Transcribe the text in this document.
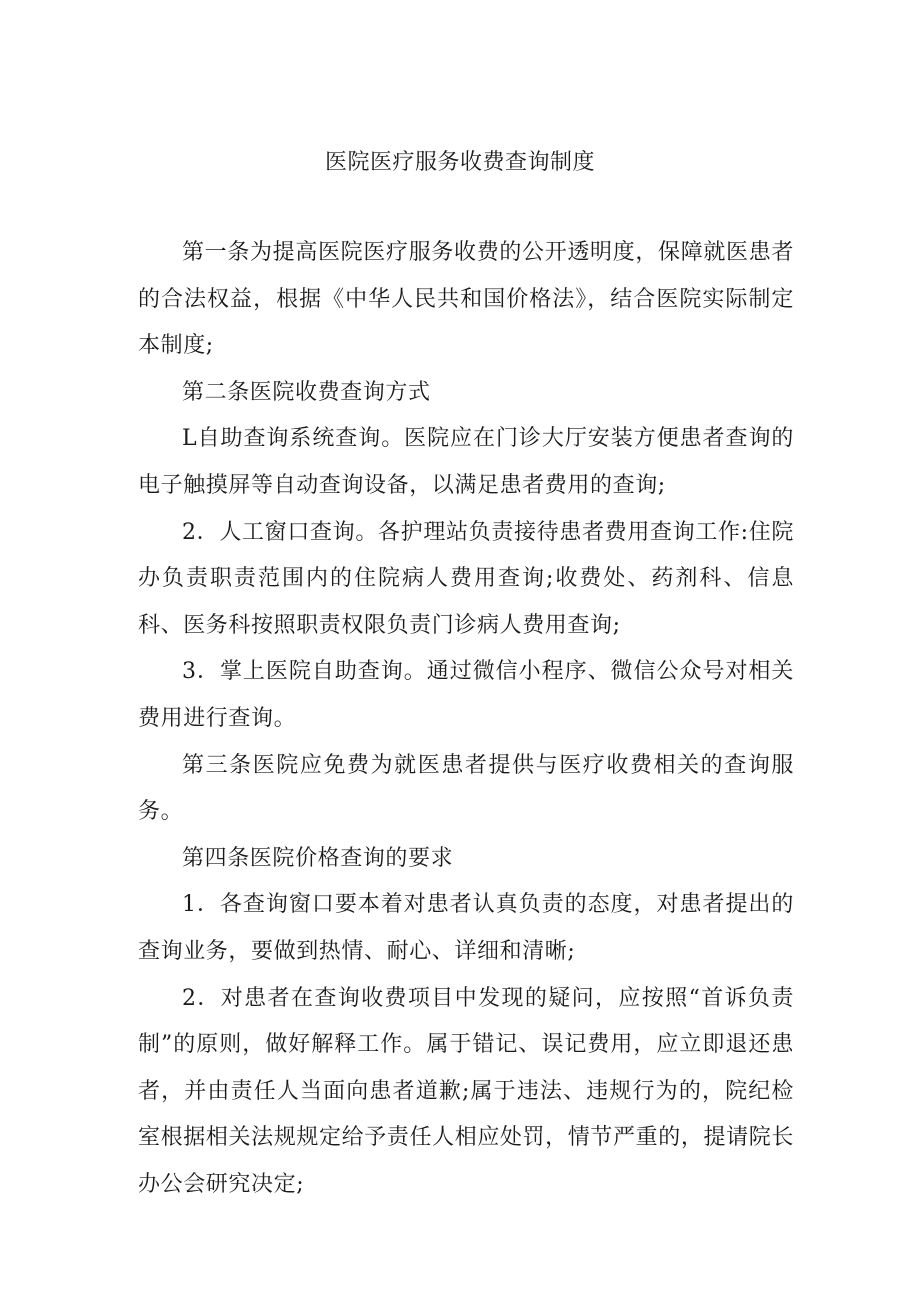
医院医疗服务收费查询制度

第一条为提高医院医疗服务收费的公开透明度，保障就医患者的合法权益，根据《中华人民共和国价格法》，结合医院实际制定本制度;

第二条医院收费查询方式

L自助查询系统查询。医院应在门诊大厅安装方便患者查询的电子触摸屏等自动查询设备，以满足患者费用的查询;

2．人工窗口查询。各护理站负责接待患者费用查询工作:住院办负责职责范围内的住院病人费用查询;收费处、药剂科、信息科、医务科按照职责权限负责门诊病人费用查询;

3．掌上医院自助查询。通过微信小程序、微信公众号对相关费用进行查询。

第三条医院应免费为就医患者提供与医疗收费相关的查询服务。

第四条医院价格查询的要求

1．各查询窗口要本着对患者认真负责的态度，对患者提出的查询业务，要做到热情、耐心、详细和清晰;

2．对患者在查询收费项目中发现的疑问，应按照“首诉负责制”的原则，做好解释工作。属于错记、误记费用，应立即退还患者，并由责任人当面向患者道歉;属于违法、违规行为的，院纪检室根据相关法规规定给予责任人相应处罚，情节严重的，提请院长办公会研究决定;
